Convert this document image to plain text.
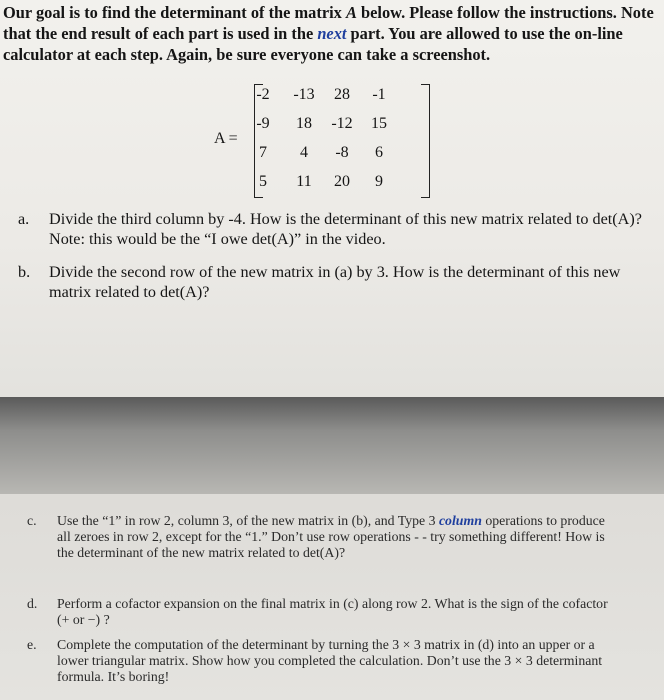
Our goal is to find the determinant of the matrix A below. Please follow the instructions. Note that the end result of each part is used in the next part. You are allowed to use the on-line calculator at each step. Again, be sure everyone can take a screenshot.
A =
-2	-13	28	-1
-9	18	-12	15
7	4	-8	6
5	11	20	9
a. Divide the third column by -4. How is the determinant of this new matrix related to det(A)? Note: this would be the “I owe det(A)” in the video.
b. Divide the second row of the new matrix in (a) by 3. How is the determinant of this new matrix related to det(A)?
c. Use the “1” in row 2, column 3, of the new matrix in (b), and Type 3 column operations to produce all zeroes in row 2, except for the “1.” Don’t use row operations - - try something different! How is the determinant of the new matrix related to det(A)?
d. Perform a cofactor expansion on the final matrix in (c) along row 2. What is the sign of the cofactor (+ or −) ?
e. Complete the computation of the determinant by turning the 3 × 3 matrix in (d) into an upper or a lower triangular matrix. Show how you completed the calculation. Don’t use the 3 × 3 determinant formula. It’s boring!
